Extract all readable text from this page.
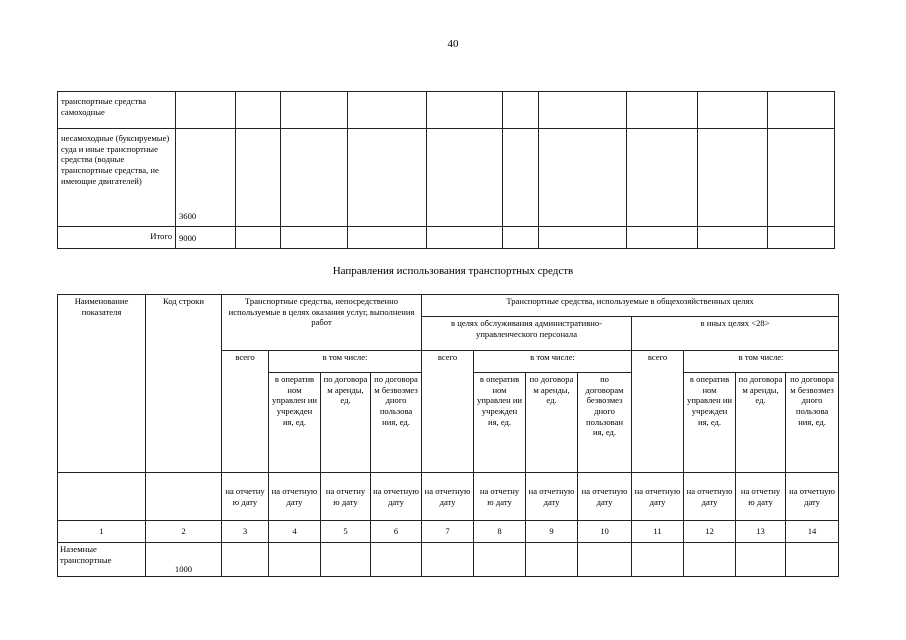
40
транспортные средства самоходные										
несамоходные (буксируемые) суда и иные транспортные средства (водные транспортные средства, не имеющие двигателей)	3600									
Итого	9000									
Направления использования транспортных средств
Наименование показателя	Код строки	Транспортные средства, непосредственно используемые в целях оказания услуг, выполнения работ				Транспортные средства, используемые в общехозяйственных целях							
						в целях обслуживания административно-управленческого персонала				в иных целях <28>			
		всего	в том числе:			всего	в том числе:			всего	в том числе:		
			в оператив ном управлен ии учрежден ия, ед.	по договора м аренды, ед.	по договора м безвозмез дного пользова ния, ед.		в оператив ном управлен ии учрежден ия, ед.	по договора м аренды, ед.	по договорам безвозмез дного пользован ия, ед.		в оператив ном управлен ии учрежден ия, ед.	по договора м аренды, ед.	по договора м безвозмез дного пользова ния, ед.
		на отчетну ю дату	на отчетную дату	на отчетну ю дату	на отчетную дату	на отчетную дату	на отчетну ю дату	на отчетную дату	на отчетную дату	на отчетную дату	на отчетную дату	на отчетну ю дату	на отчетную дату
1	2	3	4	5	6	7	8	9	10	11	12	13	14
Наземные транспортные	1000												
